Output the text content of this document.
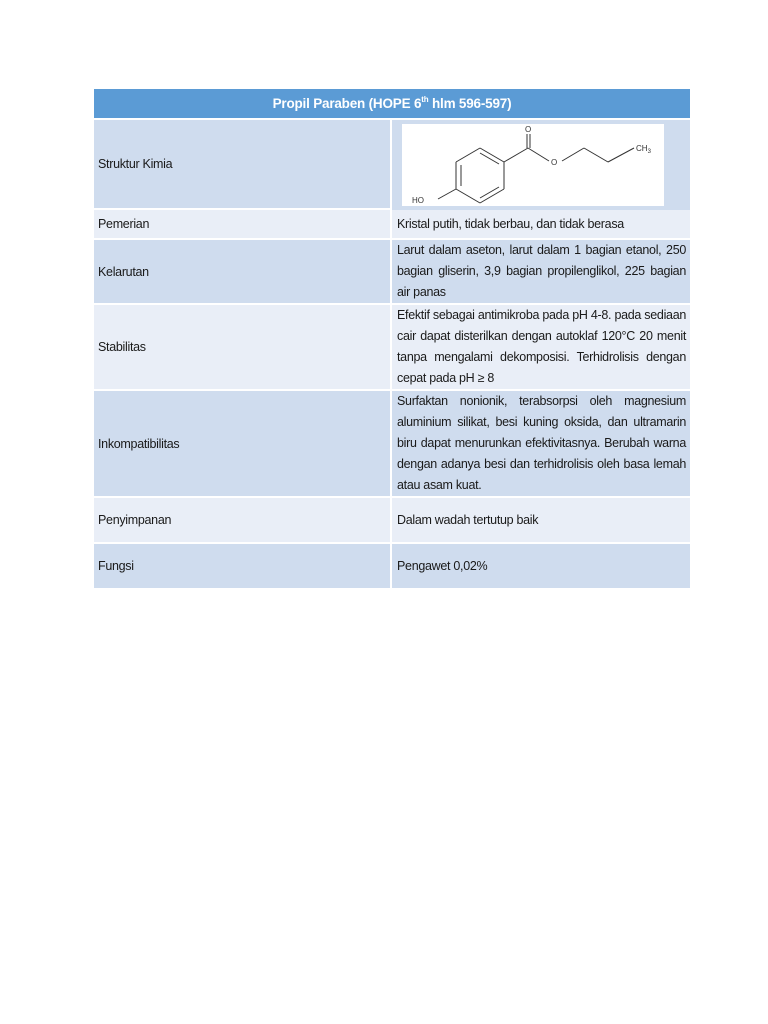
Propil Paraben (HOPE 6th hlm 596-597)	
Struktur Kimia	HO
O
O
$CH_3$

Pemerian	Kristal putih, tidak berbau, dan tidak berasa
Kelarutan	Larut dalam aseton, larut dalam 1 bagian etanol, 250 bagian gliserin, 3,9 bagian propilenglikol, 225 bagian air panas
Stabilitas	Efektif sebagai antimikroba pada pH 4-8. pada sediaan cair dapat disterilkan dengan autoklaf 120°C 20 menit tanpa mengalami dekomposisi. Terhidrolisis dengan cepat pada pH ≥ 8
Inkompatibilitas	Surfaktan nonionik, terabsorpsi oleh magnesium aluminium silikat, besi kuning oksida, dan ultramarin biru dapat menurunkan efektivitasnya. Berubah warna dengan adanya besi dan terhidrolisis oleh basa lemah atau asam kuat.
Penyimpanan	Dalam wadah tertutup baik
Fungsi	Pengawet 0,02%
